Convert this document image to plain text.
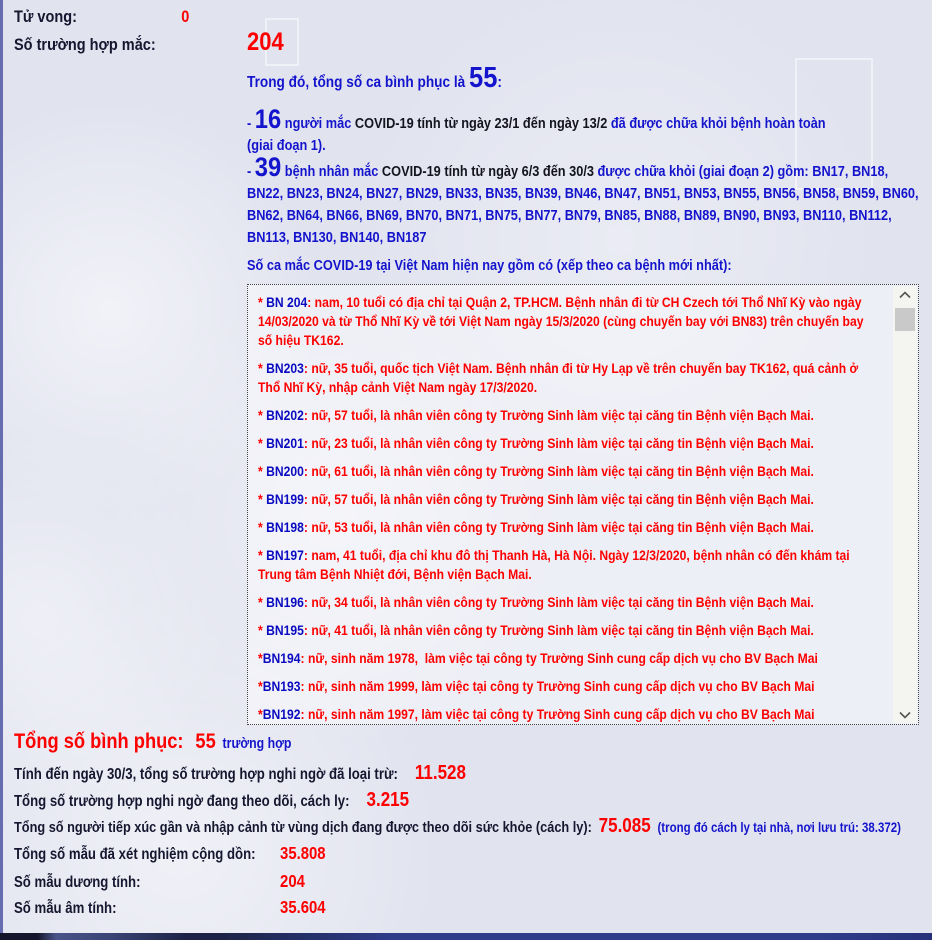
Tử vong:	0
Số trường hợp mắc:	204
Trong đó, tổng số ca bình phục là 55:
- 16 người mắc COVID-19 tính từ ngày 23/1 đến ngày 13/2 đã được chữa khỏi bệnh hoàn toàn (giai đoạn 1).
- 39 bệnh nhân mắc COVID-19 tính từ ngày 6/3 đến 30/3 được chữa khỏi (giai đoạn 2) gồm: BN17, BN18, BN22, BN23, BN24, BN27, BN29, BN33, BN35, BN39, BN46, BN47, BN51, BN53, BN55, BN56, BN58, BN59, BN60, BN62, BN64, BN66, BN69, BN70, BN71, BN75, BN77, BN79, BN85, BN88, BN89, BN90, BN93, BN110, BN112, BN113, BN130, BN140, BN187
Số ca mắc COVID-19 tại Việt Nam hiện nay gồm có (xếp theo ca bệnh mới nhất):
* BN 204: nam, 10 tuổi có địa chỉ tại Quận 2, TP.HCM. Bệnh nhân đi từ CH Czech tới Thổ Nhĩ Kỳ vào ngày 14/03/2020 và từ Thổ Nhĩ Kỳ về tới Việt Nam ngày 15/3/2020 (cùng chuyến bay với BN83) trên chuyến bay số hiệu TK162.
* BN203: nữ, 35 tuổi, quốc tịch Việt Nam. Bệnh nhân đi từ Hy Lạp về trên chuyến bay TK162, quá cảnh ở Thổ Nhĩ Kỳ, nhập cảnh Việt Nam ngày 17/3/2020.
* BN202: nữ, 57 tuổi, là nhân viên công ty Trường Sinh làm việc tại căng tin Bệnh viện Bạch Mai.
* BN201: nữ, 23 tuổi, là nhân viên công ty Trường Sinh làm việc tại căng tin Bệnh viện Bạch Mai.
* BN200: nữ, 61 tuổi, là nhân viên công ty Trường Sinh làm việc tại căng tin Bệnh viện Bạch Mai.
* BN199: nữ, 57 tuổi, là nhân viên công ty Trường Sinh làm việc tại căng tin Bệnh viện Bạch Mai.
* BN198: nữ, 53 tuổi, là nhân viên công ty Trường Sinh làm việc tại căng tin Bệnh viện Bạch Mai.
* BN197: nam, 41 tuổi, địa chỉ khu đô thị Thanh Hà, Hà Nội. Ngày 12/3/2020, bệnh nhân có đến khám tại Trung tâm Bệnh Nhiệt đới, Bệnh viện Bạch Mai.
* BN196: nữ, 34 tuổi, là nhân viên công ty Trường Sinh làm việc tại căng tin Bệnh viện Bạch Mai.
* BN195: nữ, 41 tuổi, là nhân viên công ty Trường Sinh làm việc tại căng tin Bệnh viện Bạch Mai.
*BN194: nữ, sinh năm 1978,  làm việc tại công ty Trường Sinh cung cấp dịch vụ cho BV Bạch Mai
*BN193: nữ, sinh năm 1999, làm việc tại công ty Trường Sinh cung cấp dịch vụ cho BV Bạch Mai
*BN192: nữ, sinh năm 1997, làm việc tại công ty Trường Sinh cung cấp dịch vụ cho BV Bạch Mai
Tổng số bình phục: 55 trường hợp
Tính đến ngày 30/3, tổng số trường hợp nghi ngờ đã loại trừ: 11.528
Tổng số trường hợp nghi ngờ đang theo dõi, cách ly: 3.215
Tổng số người tiếp xúc gần và nhập cảnh từ vùng dịch đang được theo dõi sức khỏe (cách ly): 75.085 (trong đó cách ly tại nhà, nơi lưu trú: 38.372)
Tổng số mẫu đã xét nghiệm cộng dồn: 35.808
Số mẫu dương tính:	204
Số mẫu âm tính:	35.604
